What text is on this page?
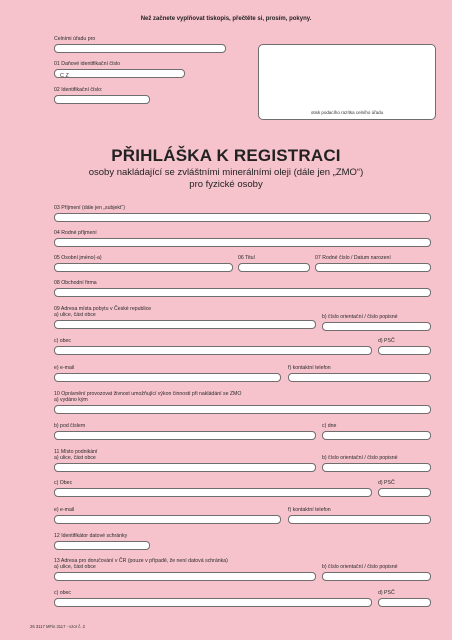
Než začnete vyplňovat tiskopis, přečtěte si, prosím, pokyny.
Celními úřadu pro
01 Daňové identifikační číslo
C Z
02 Identifikační číslo:
otisk podacího razítka celního úřadu
PŘIHLÁŠKA K REGISTRACI
osoby nakládající se zvláštními minerálními oleji (dále jen „ZMO“)
pro fyzické osoby
03 Příjmení (dále jen „subjekt“)
04 Rodné příjmení
05 Osobní jméno(-a)	06 Titul	07 Rodné číslo / Datum narození
08 Obchodní firma
09 Adresa místa pobytu v České republice
a) ulice, část obce	b) číslo orientační / číslo popisné
c) obec	d) PSČ
e) e-mail	f) kontaktní telefon
10 Oprávnění provozovat živnost umožňující výkon činnosti při nakládání se ZMO
a) vydáno kým
b) pod číslem	c) dne
11 Místo podnikání
a) ulice, část obce	b) číslo orientační / číslo popisné
c) Obec	d) PSČ
e) e-mail	f) kontaktní telefon
12 Identifikátor datové schránky
13 Adresa pro doručování v ČR (pouze v případě, že není datová schránka)
a) ulice, část obce	b) číslo orientační / číslo popisné
c) obec	d) PSČ
25 3117 MFin 3117 - vzor č. 2
